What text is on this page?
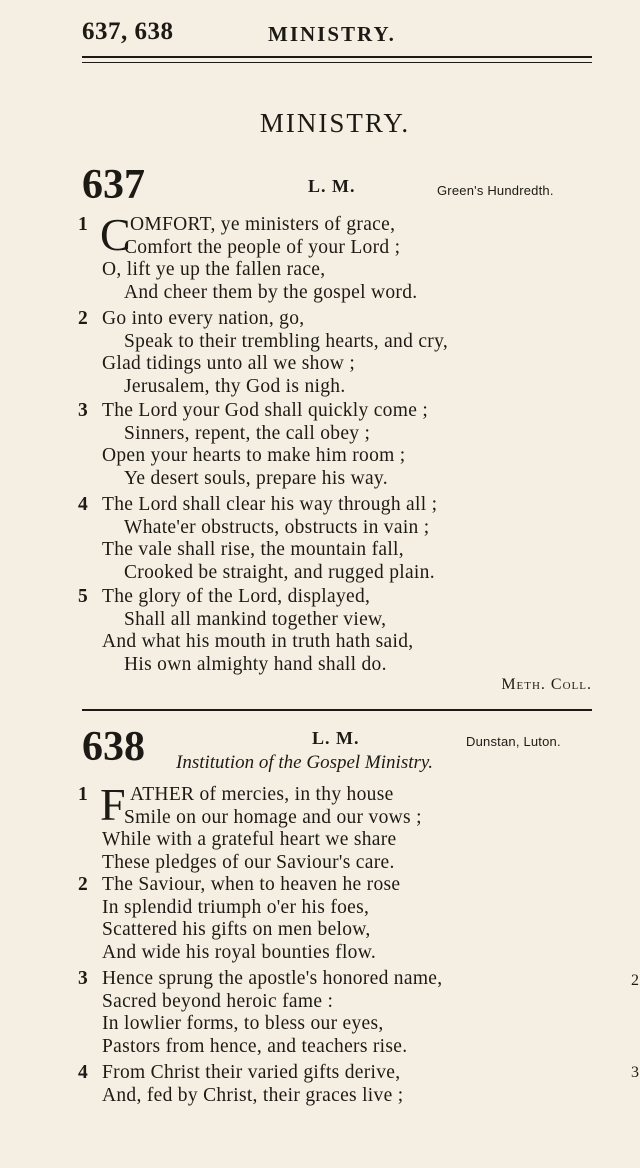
637, 638	MINISTRY.
MINISTRY.
637	L. M.	Green's Hundredth.
1 C OMFORT, ye ministers of grace,
Comfort the people of your Lord ;
O, lift ye up the fallen race,
And cheer them by the gospel word.
2 Go into every nation, go,
Speak to their trembling hearts, and cry,
Glad tidings unto all we show ;
Jerusalem, thy God is nigh.
3 The Lord your God shall quickly come ;
Sinners, repent, the call obey ;
Open your hearts to make him room ;
Ye desert souls, prepare his way.
4 The Lord shall clear his way through all ;
Whate'er obstructs, obstructs in vain ;
The vale shall rise, the mountain fall,
Crooked be straight, and rugged plain.
5 The glory of the Lord, displayed,
Shall all mankind together view,
And what his mouth in truth hath said,
His own almighty hand shall do.
Meth. Coll.
638	L. M.	Dunstan, Luton.
Institution of the Gospel Ministry.
1 F ATHER of mercies, in thy house
Smile on our homage and our vows ;
While with a grateful heart we share
These pledges of our Saviour's care.
2 The Saviour, when to heaven he rose
In splendid triumph o'er his foes,
Scattered his gifts on men below,
And wide his royal bounties flow.
3 Hence sprung the apostle's honored name,
Sacred beyond heroic fame :
In lowlier forms, to bless our eyes,
Pastors from hence, and teachers rise.
4 From Christ their varied gifts derive,
And, fed by Christ, their graces live ;
2
3
